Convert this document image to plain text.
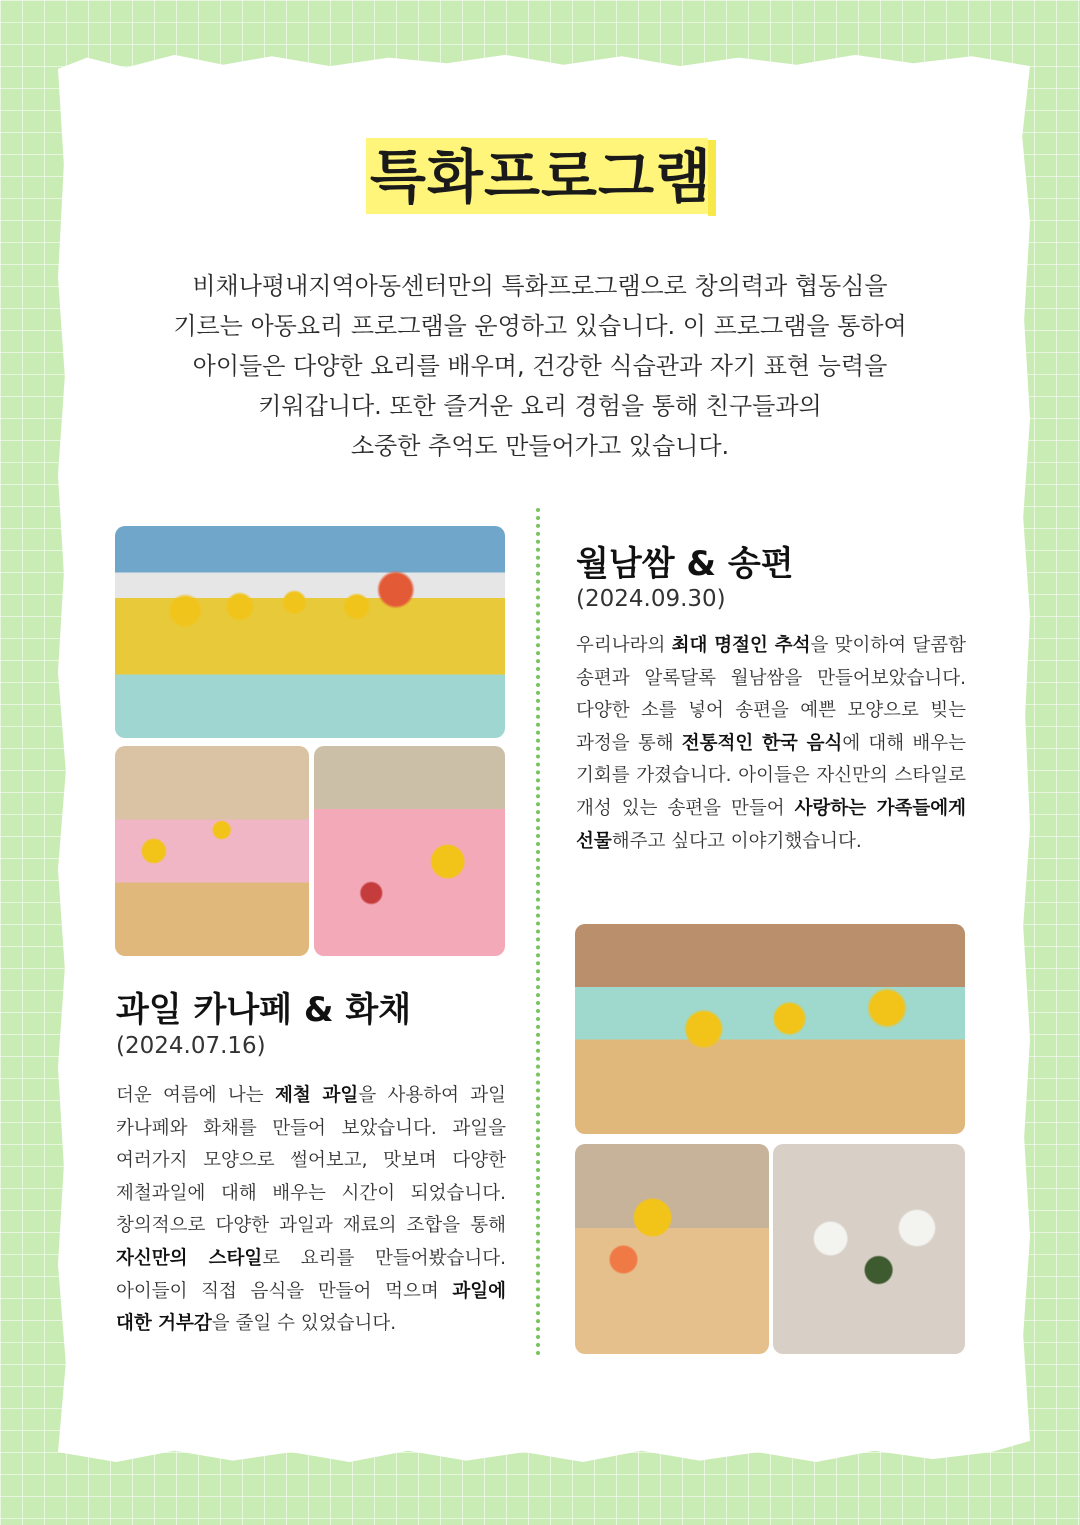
특화프로그램
비채나평내지역아동센터만의 특화프로그램으로 창의력과 협동심을
기르는 아동요리 프로그램을 운영하고 있습니다. 이 프로그램을 통하여
아이들은 다양한 요리를 배우며, 건강한 식습관과 자기 표현 능력을
키워갑니다. 또한 즐거운 요리 경험을 통해 친구들과의
소중한 추억도 만들어가고 있습니다.
과일 카나페 & 화채
(2024.07.16)
더운 여름에 나는 제철 과일을 사용하여 과일 카나페와 화채를 만들어 보았습니다. 과일을 여러가지 모양으로 썰어보고, 맛보며 다양한 제철과일에 대해 배우는 시간이 되었습니다. 창의적으로 다양한 과일과 재료의 조합을 통해 자신만의 스타일로 요리를 만들어봤습니다. 아이들이 직접 음식을 만들어 먹으며 과일에 대한 거부감을 줄일 수 있었습니다.
월남쌈 & 송편
(2024.09.30)
우리나라의 최대 명절인 추석을 맞이하여 달콤함 송편과 알록달록 월남쌈을 만들어보았습니다. 다양한 소를 넣어 송편을 예쁜 모양으로 빚는 과정을 통해 전통적인 한국 음식에 대해 배우는 기회를 가졌습니다. 아이들은 자신만의 스타일로 개성 있는 송편을 만들어 사랑하는 가족들에게 선물해주고 싶다고 이야기했습니다.
